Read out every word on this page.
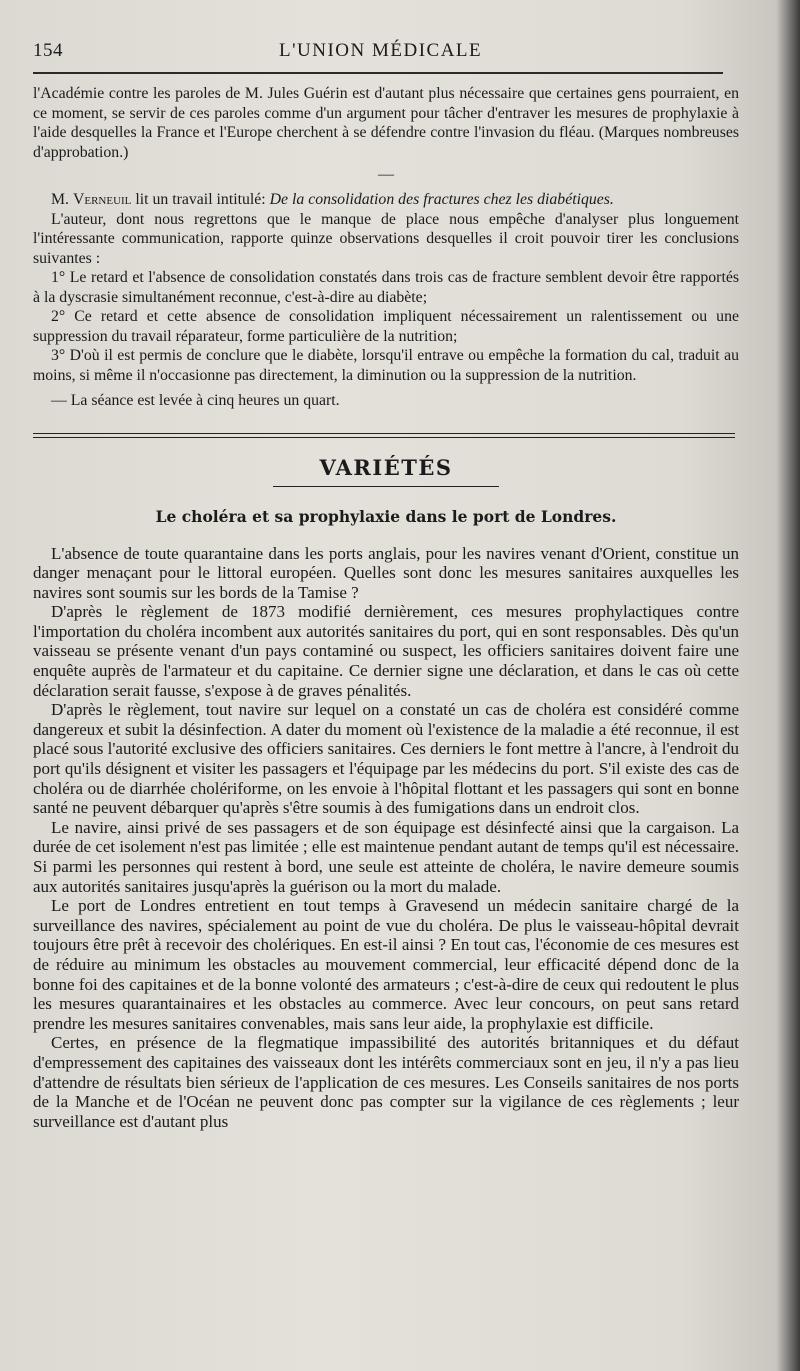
154	L'UNION MÉDICALE

l'Académie contre les paroles de M. Jules Guérin est d'autant plus nécessaire que certaines gens pourraient, en ce moment, se servir de ces paroles comme d'un argument pour tâcher d'entraver les mesures de prophylaxie à l'aide desquelles la France et l'Europe cherchent à se défendre contre l'invasion du fléau. (Marques nombreuses d'approbation.)

—

M. Verneuil lit un travail intitulé: De la consolidation des fractures chez les diabétiques.

L'auteur, dont nous regrettons que le manque de place nous empêche d'analyser plus longuement l'intéressante communication, rapporte quinze observations desquelles il croit pouvoir tirer les conclusions suivantes :

1° Le retard et l'absence de consolidation constatés dans trois cas de fracture semblent devoir être rapportés à la dyscrasie simultanément reconnue, c'est-à-dire au diabète;

2° Ce retard et cette absence de consolidation impliquent nécessairement un ralentissement ou une suppression du travail réparateur, forme particulière de la nutrition;

3° D'où il est permis de conclure que le diabète, lorsqu'il entrave ou empêche la formation du cal, traduit au moins, si même il n'occasionne pas directement, la diminution ou la suppression de la nutrition.

— La séance est levée à cinq heures un quart.

VARIÉTÉS
Le choléra et sa prophylaxie dans le port de Londres.

L'absence de toute quarantaine dans les ports anglais, pour les navires venant d'Orient, constitue un danger menaçant pour le littoral européen. Quelles sont donc les mesures sanitaires auxquelles les navires sont soumis sur les bords de la Tamise ?

D'après le règlement de 1873 modifié dernièrement, ces mesures prophylactiques contre l'importation du choléra incombent aux autorités sanitaires du port, qui en sont responsables. Dès qu'un vaisseau se présente venant d'un pays contaminé ou suspect, les officiers sanitaires doivent faire une enquête auprès de l'armateur et du capitaine. Ce dernier signe une déclaration, et dans le cas où cette déclaration serait fausse, s'expose à de graves pénalités.

D'après le règlement, tout navire sur lequel on a constaté un cas de choléra est considéré comme dangereux et subit la désinfection. A dater du moment où l'existence de la maladie a été reconnue, il est placé sous l'autorité exclusive des officiers sanitaires. Ces derniers le font mettre à l'ancre, à l'endroit du port qu'ils désignent et visiter les passagers et l'équipage par les médecins du port. S'il existe des cas de choléra ou de diarrhée cholériforme, on les envoie à l'hôpital flottant et les passagers qui sont en bonne santé ne peuvent débarquer qu'après s'être soumis à des fumigations dans un endroit clos.

Le navire, ainsi privé de ses passagers et de son équipage est désinfecté ainsi que la cargaison. La durée de cet isolement n'est pas limitée ; elle est maintenue pendant autant de temps qu'il est nécessaire. Si parmi les personnes qui restent à bord, une seule est atteinte de choléra, le navire demeure soumis aux autorités sanitaires jusqu'après la guérison ou la mort du malade.

Le port de Londres entretient en tout temps à Gravesend un médecin sanitaire chargé de la surveillance des navires, spécialement au point de vue du choléra. De plus le vaisseau-hôpital devrait toujours être prêt à recevoir des cholériques. En est-il ainsi ? En tout cas, l'économie de ces mesures est de réduire au minimum les obstacles au mouvement commercial, leur efficacité dépend donc de la bonne foi des capitaines et de la bonne volonté des armateurs ; c'est-à-dire de ceux qui redoutent le plus les mesures quarantainaires et les obstacles au commerce. Avec leur concours, on peut sans retard prendre les mesures sanitaires convenables, mais sans leur aide, la prophylaxie est difficile.

Certes, en présence de la flegmatique impassibilité des autorités britanniques et du défaut d'empressement des capitaines des vaisseaux dont les intérêts commerciaux sont en jeu, il n'y a pas lieu d'attendre de résultats bien sérieux de l'application de ces mesures. Les Conseils sanitaires de nos ports de la Manche et de l'Océan ne peuvent donc pas compter sur la vigilance de ces règlements ; leur surveillance est d'autant plus
